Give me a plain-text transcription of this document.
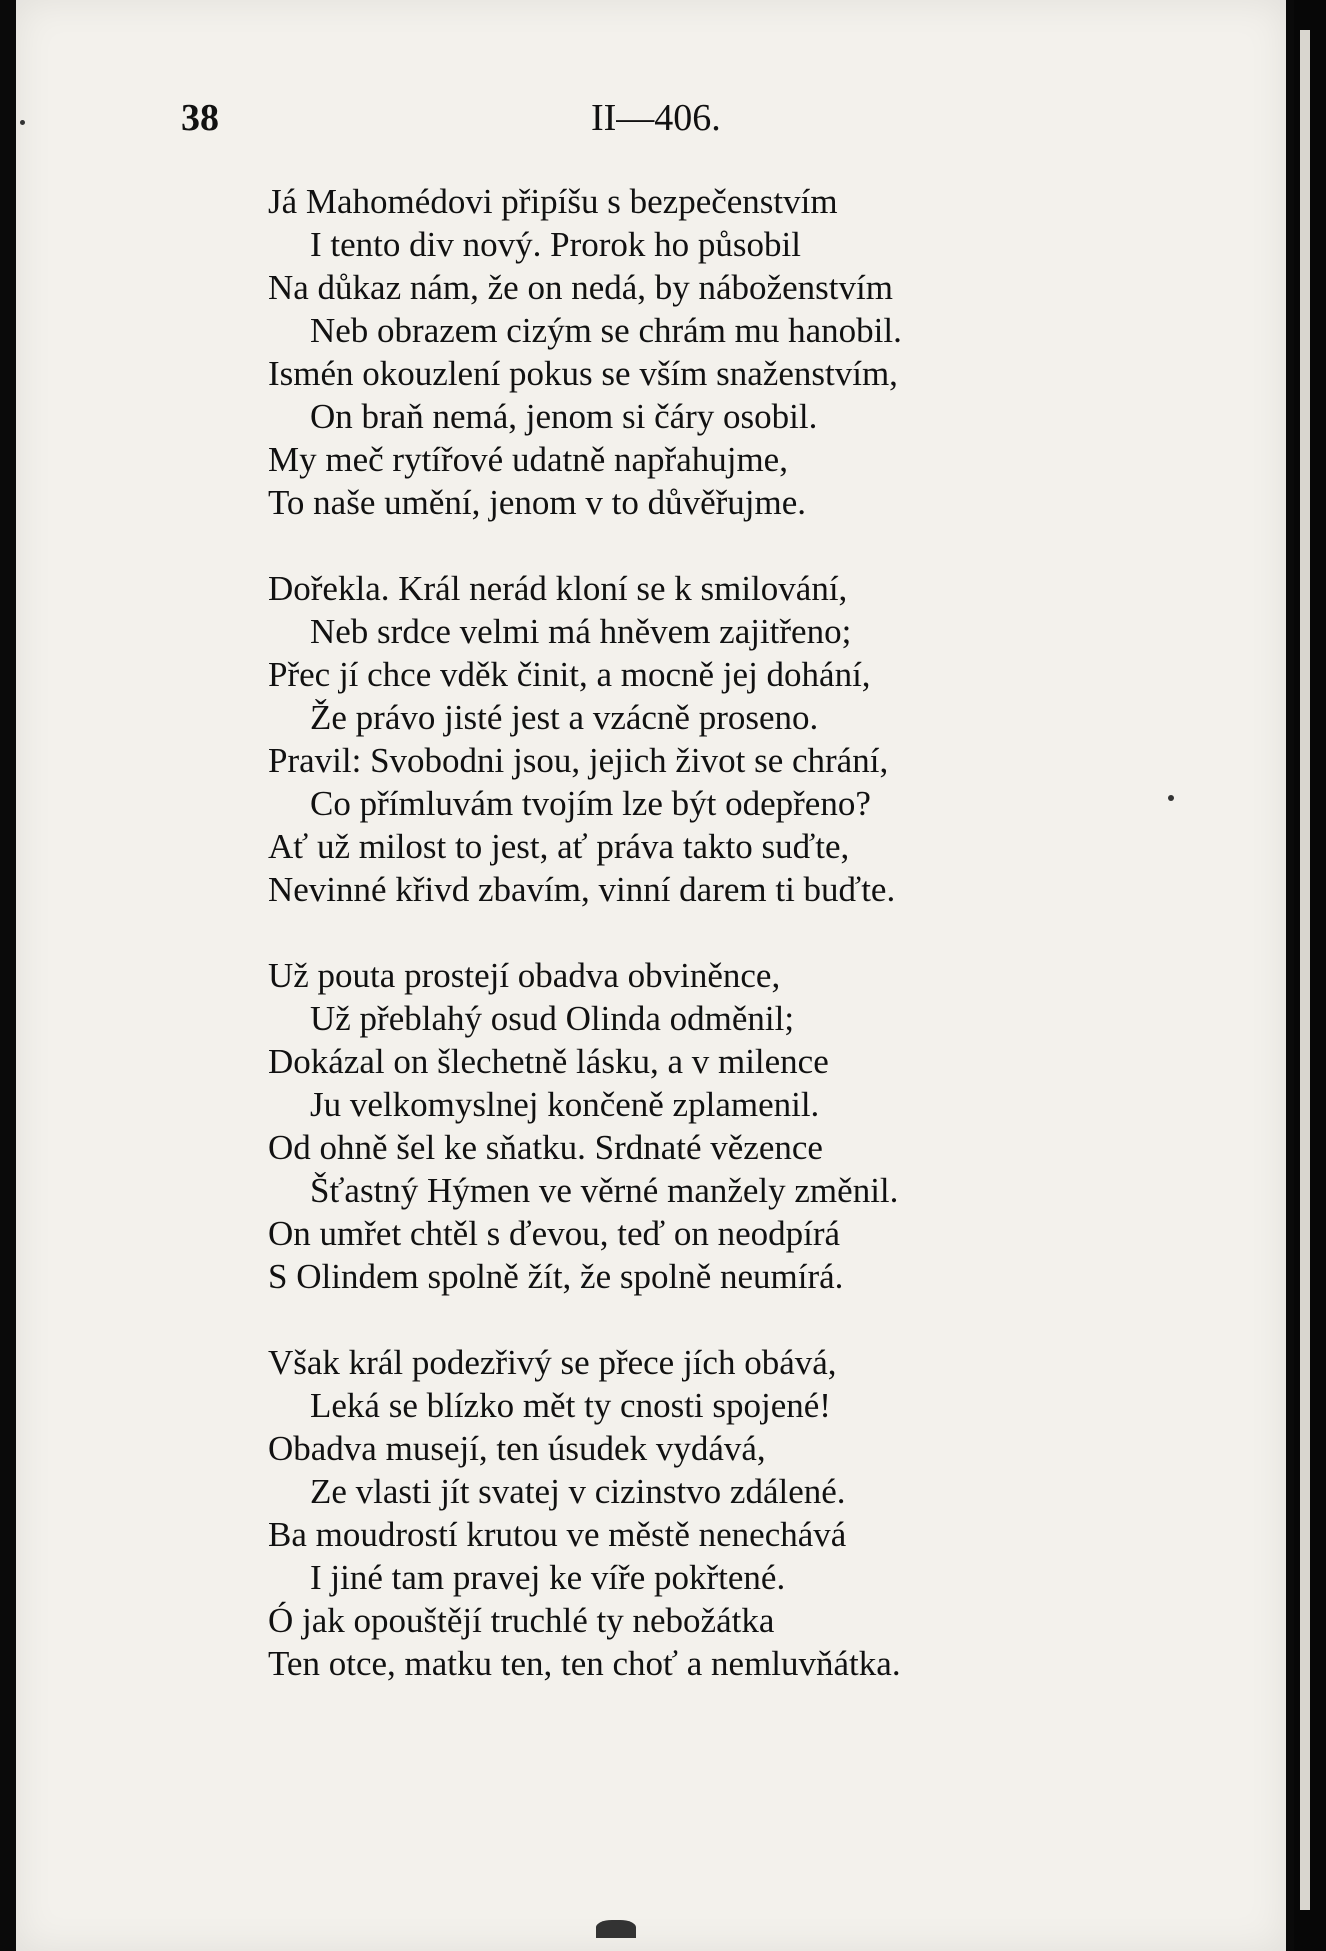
38	II—406.
Já Mahomédovi připíšu s bezpečenstvím
I tento div nový. Prorok ho působil
Na důkaz nám, že on nedá, by náboženstvím
Neb obrazem cizým se chrám mu hanobil.
Ismén okouzlení pokus se vším snaženstvím,
On braň nemá, jenom si čáry osobil.
My meč rytířové udatně napřahujme,
To naše umění, jenom v to důvěřujme.
Dořekla. Král nerád kloní se k smilování,
Neb srdce velmi má hněvem zajitřeno;
Přec jí chce vděk činit, a mocně jej dohání,
Že právo jisté jest a vzácně proseno.
Pravil: Svobodni jsou, jejich život se chrání,
Co přímluvám tvojím lze být odepřeno?
Ať už milost to jest, ať práva takto suďte,
Nevinné křivd zbavím, vinní darem ti buďte.
Už pouta prostejí obadva obviněnce,
Už přeblahý osud Olinda odměnil;
Dokázal on šlechetně lásku, a v milence
Ju velkomyslnej končeně zplamenil.
Od ohně šel ke sňatku. Srdnaté vězence
Šťastný Hýmen ve věrné manžely změnil.
On umřet chtěl s ďevou, teď on neodpírá
S Olindem spolně žít, že spolně neumírá.
Však král podezřivý se přece jích obává,
Leká se blízko mět ty cnosti spojené!
Obadva musejí, ten úsudek vydává,
Ze vlasti jít svatej v cizinstvo zdálené.
Ba moudrostí krutou ve městě nenechává
I jiné tam pravej ke víře pokřtené.
Ó jak opouštějí truchlé ty nebožátka
Ten otce, matku ten, ten choť a nemluvňátka.
